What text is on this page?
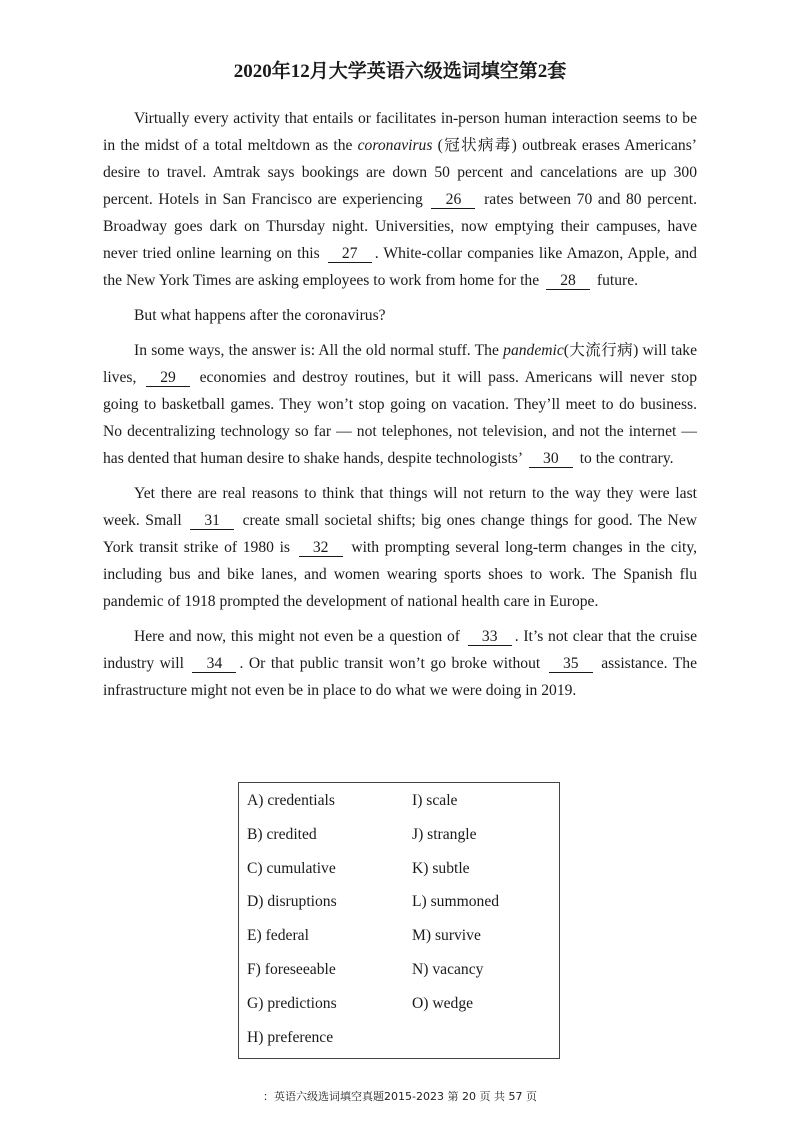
2020年12月大学英语六级选词填空第2套

Virtually every activity that entails or facilitates in-person human interaction seems to be in the midst of a total meltdown as the coronavirus (冠状病毒) outbreak erases Americans’ desire to travel. Amtrak says bookings are down 50 percent and cancelations are up 300 percent. Hotels in San Francisco are experiencing 26 rates between 70 and 80 percent. Broadway goes dark on Thursday night. Universities, now emptying their campuses, have never tried online learning on this 27 . White-collar companies like Amazon, Apple, and the New York Times are asking employees to work from home for the 28 future.

But what happens after the coronavirus?

In some ways, the answer is: All the old normal stuff. The pandemic(大流行病) will take lives, 29 economies and destroy routines, but it will pass. Americans will never stop going to basketball games. They won’t stop going on vacation. They’ll meet to do business. No decentralizing technology so far — not telephones, not television, and not the internet — has dented that human desire to shake hands, despite technologists’ 30 to the contrary.

Yet there are real reasons to think that things will not return to the way they were last week. Small 31 create small societal shifts; big ones change things for good. The New York transit strike of 1980 is 32 with prompting several long-term changes in the city, including bus and bike lanes, and women wearing sports shoes to work. The Spanish flu pandemic of 1918 prompted the development of national health care in Europe.

Here and now, this might not even be a question of 33 . It’s not clear that the cruise industry will 34 . Or that public transit won’t go broke without 35 assistance. The infrastructure might not even be in place to do what we were doing in 2019.

A) credentials
B) credited
C) cumulative
D) disruptions
E) federal
F) foreseeable
G) predictions
H) preference
I) scale
J) strangle
K) subtle
L) summoned
M) survive
N) vacancy
O) wedge
：英语六级选词填空真题2015-2023 第 20 页 共 57 页
